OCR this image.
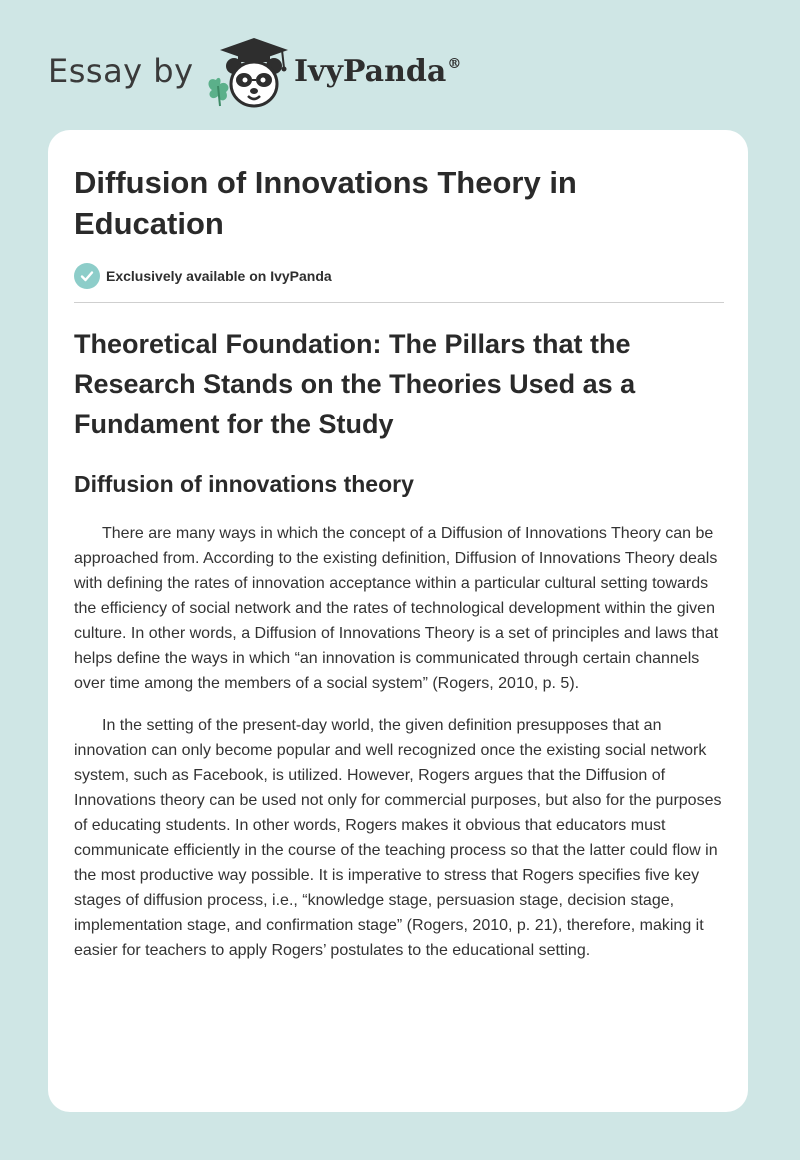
Essay by	IvyPanda®
Diffusion of Innovations Theory in Education
Exclusively available on IvyPanda
Theoretical Foundation: The Pillars that the Research Stands on the Theories Used as a Fundament for the Study
Diffusion of innovations theory

There are many ways in which the concept of a Diffusion of Innovations Theory can be approached from. According to the existing definition, Diffusion of Innovations Theory deals with defining the rates of innovation acceptance within a particular cultural setting towards the efficiency of social network and the rates of technological development within the given culture. In other words, a Diffusion of Innovations Theory is a set of principles and laws that helps define the ways in which “an innovation is communicated through certain channels over time among the members of a social system” (Rogers, 2010, p. 5).

In the setting of the present-day world, the given definition presupposes that an innovation can only become popular and well recognized once the existing social network system, such as Facebook, is utilized. However, Rogers argues that the Diffusion of Innovations theory can be used not only for commercial purposes, but also for the purposes of educating students. In other words, Rogers makes it obvious that educators must communicate efficiently in the course of the teaching process so that the latter could flow in the most productive way possible. It is imperative to stress that Rogers specifies five key stages of diffusion process, i.e., “knowledge stage, persuasion stage, decision stage, implementation stage, and confirmation stage” (Rogers, 2010, p. 21), therefore, making it easier for teachers to apply Rogers’ postulates to the educational setting.
